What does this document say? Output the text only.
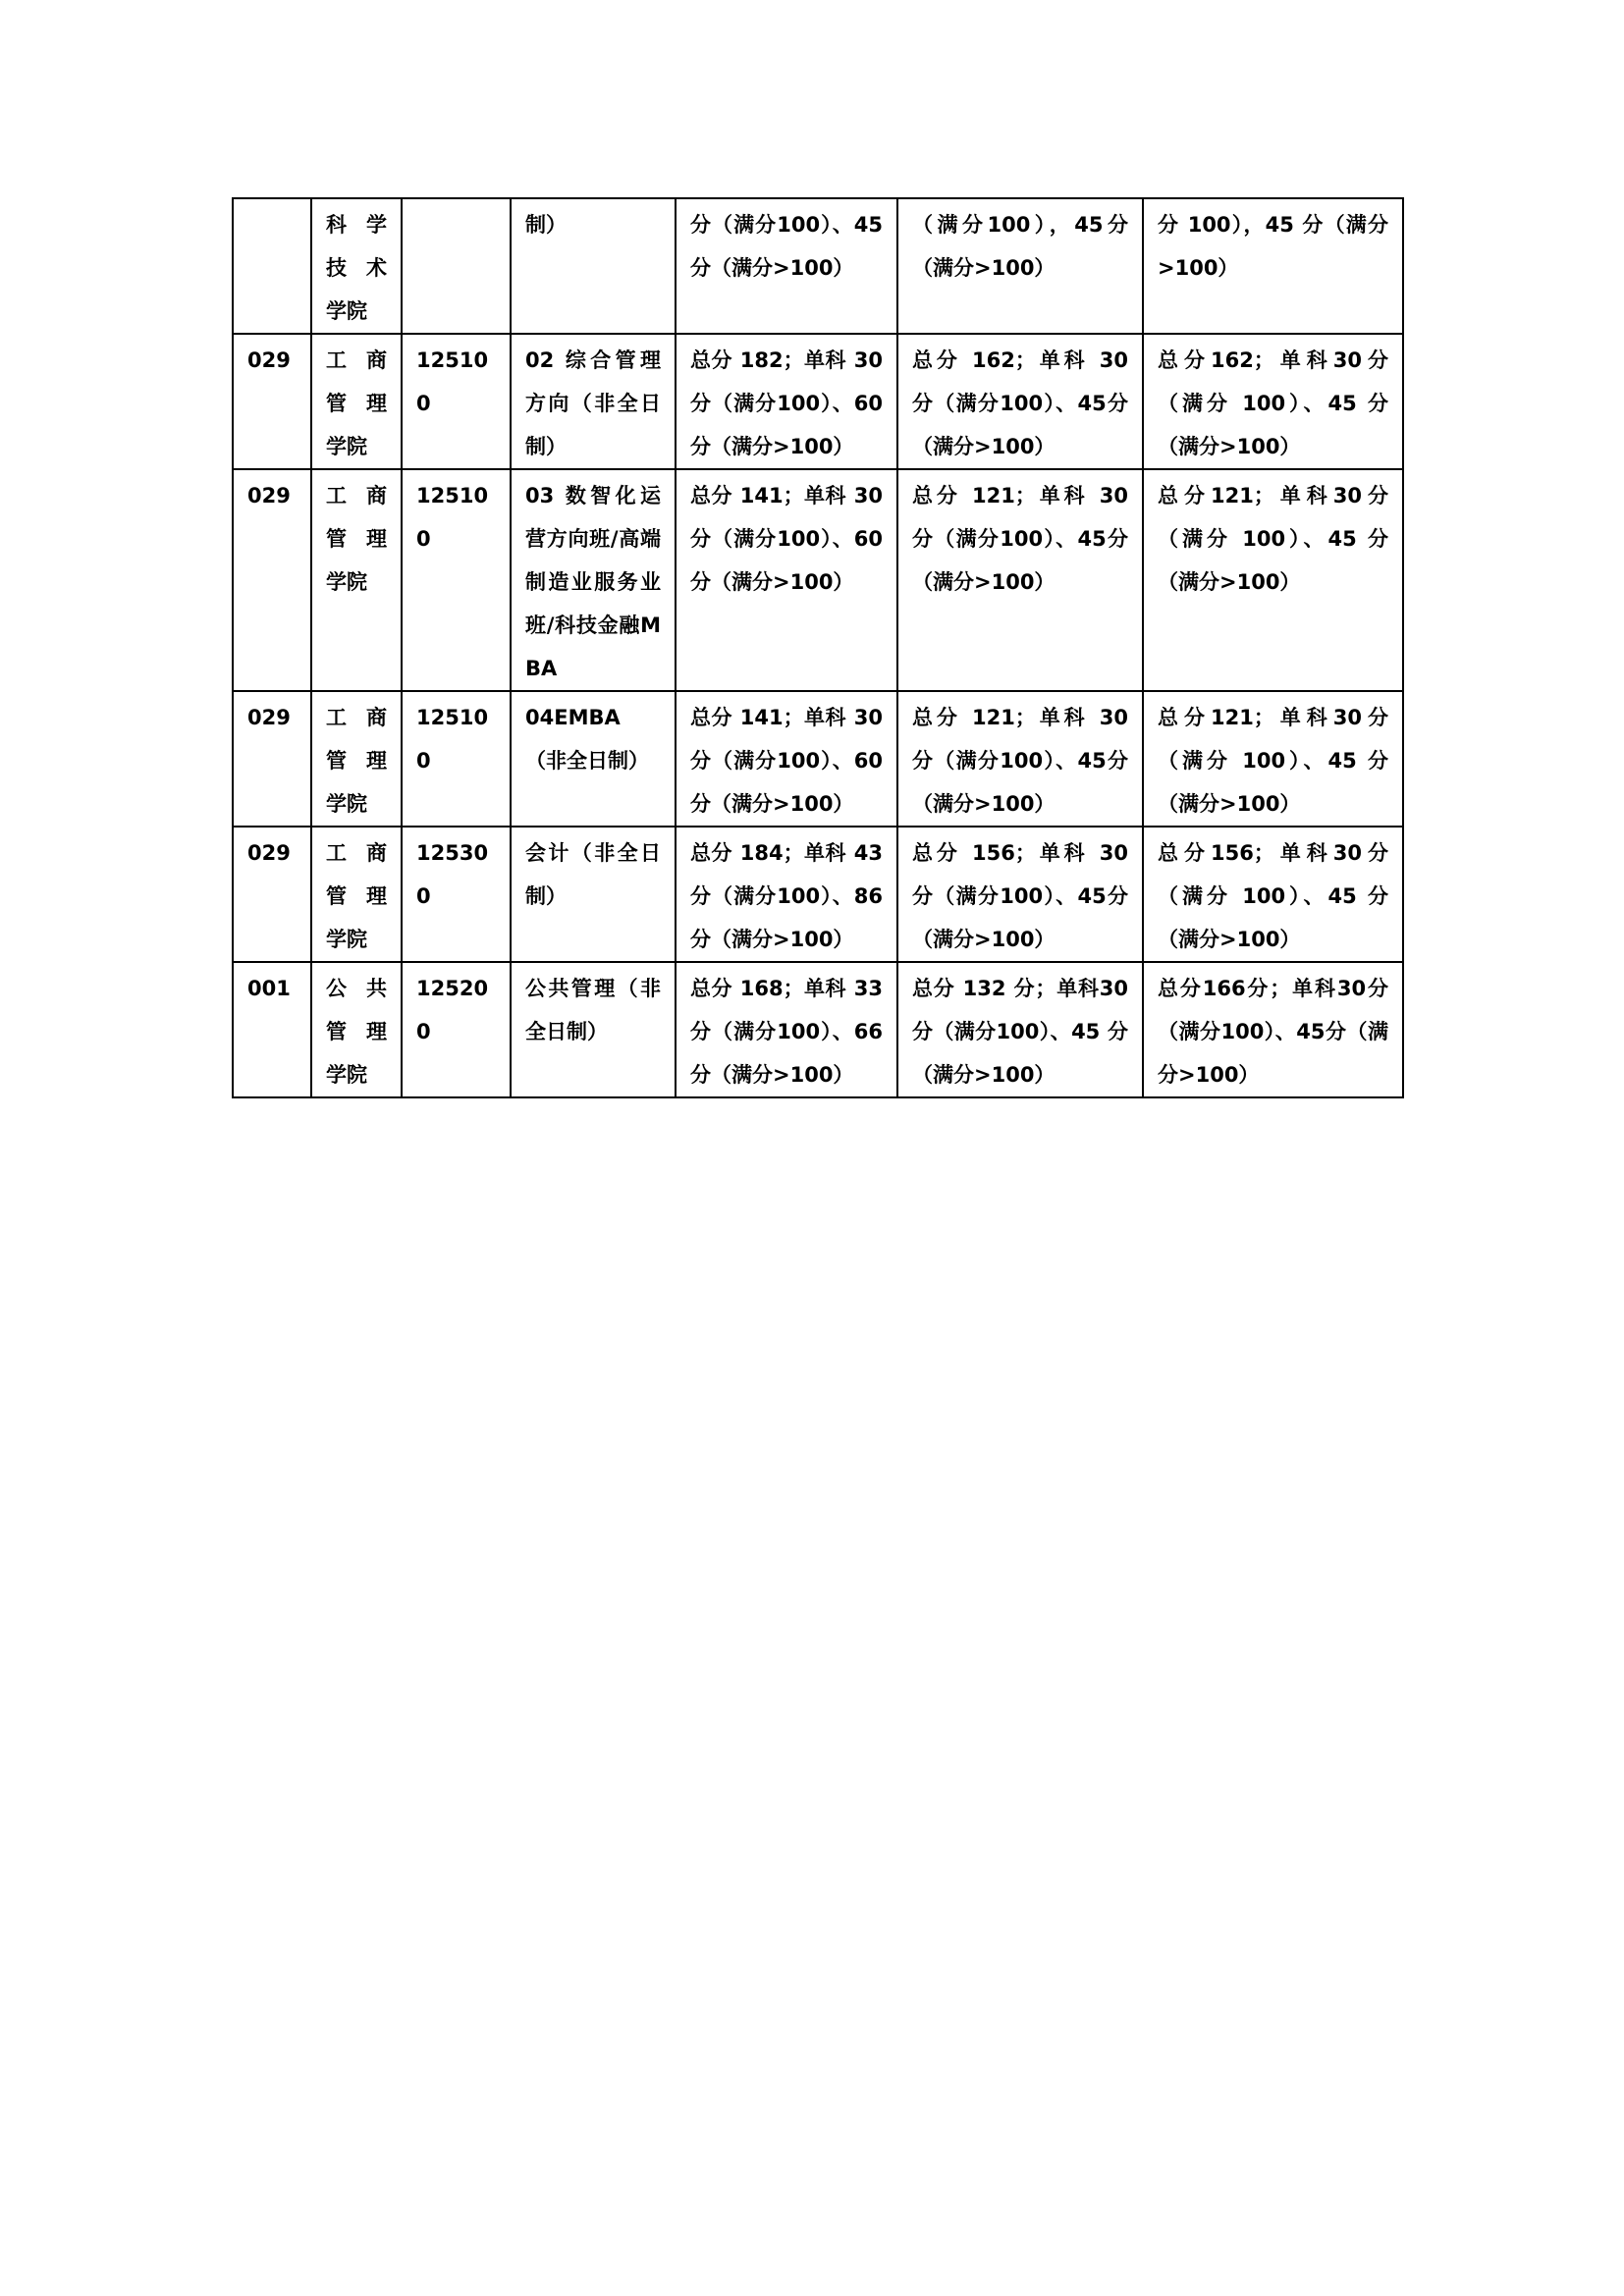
	科学技术学院		制）	分（满分100）、45分（满分>100）	（满分100），45分（满分>100）	分 100），45 分（满分>100）

029	工商管理学院	125100	02 综合管理方向（非全日制）	总分 182；单科 30 分（满分100）、60 分（满分>100）	总分 162；单科 30 分（满分100）、45分（满分>100）	总分162；单科30分（满分 100）、45 分（满分>100）

029	工商管理学院	125100	03 数智化运营方向班/高端制造业服务业班/科技金融MBA	总分 141；单科 30 分（满分100）、60 分（满分>100）	总分 121；单科 30 分（满分100）、45分（满分>100）	总分121；单科30分（满分 100）、45 分（满分>100）

029	工商管理学院	125100	04EMBA（非全日制）	总分 141；单科 30 分（满分100）、60 分（满分>100）	总分 121；单科 30 分（满分100）、45分（满分>100）	总分121；单科30分（满分 100）、45 分（满分>100）

029	工商管理学院	125300	会计（非全日制）	总分 184；单科 43 分（满分100）、86 分（满分>100）	总分 156；单科 30 分（满分100）、45分（满分>100）	总分156；单科30分（满分 100）、45 分（满分>100）

001	公共管理学院	125200	公共管理（非全日制）	总分 168；单科 33 分（满分100）、66 分（满分>100）	总分 132 分；单科30 分（满分100）、45 分（满分>100）	总分166分；单科30分（满分100）、45分（满分>100）
